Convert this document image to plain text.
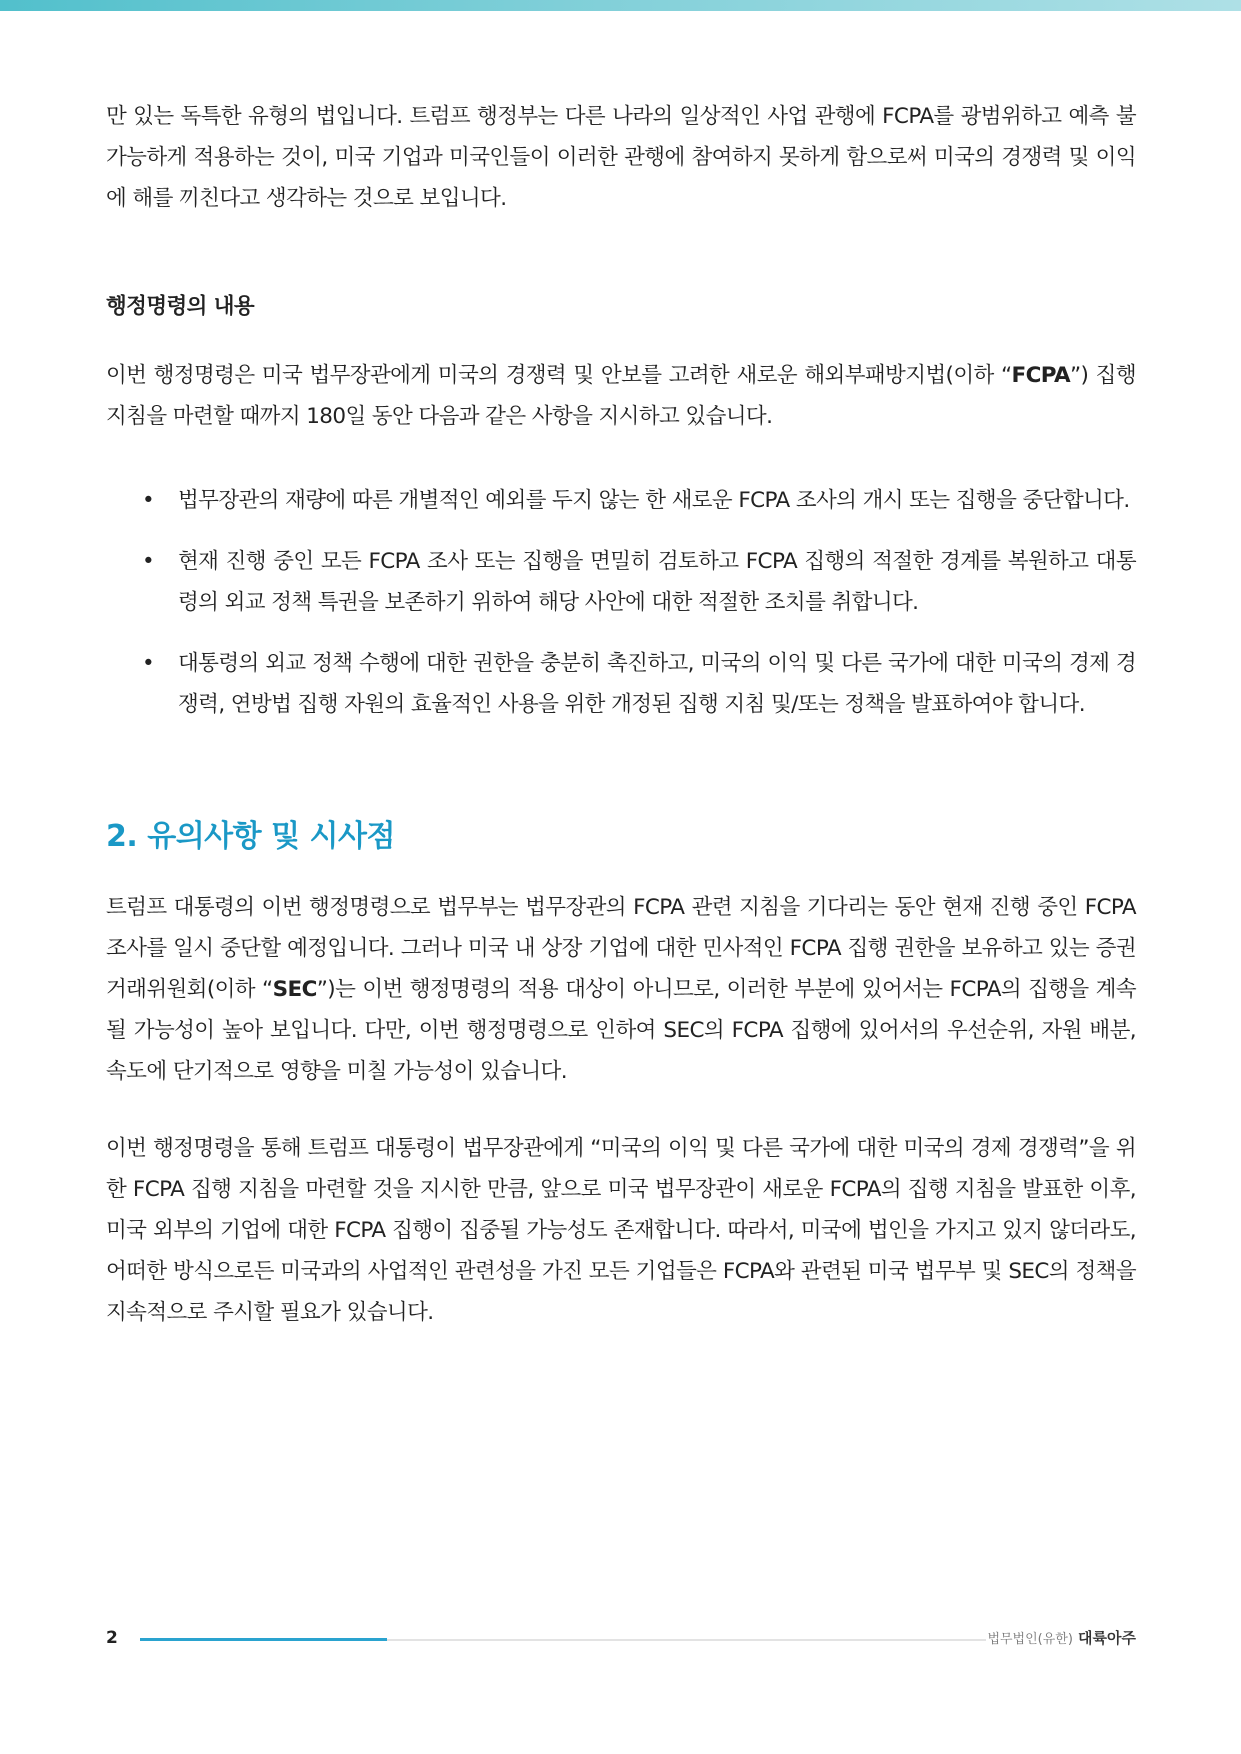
만 있는 독특한 유형의 법입니다. 트럼프 행정부는 다른 나라의 일상적인 사업 관행에 FCPA를 광범위하고 예측 불가능하게 적용하는 것이, 미국 기업과 미국인들이 이러한 관행에 참여하지 못하게 함으로써 미국의 경쟁력 및 이익에 해를 끼친다고 생각하는 것으로 보입니다.

행정명령의 내용

이번 행정명령은 미국 법무장관에게 미국의 경쟁력 및 안보를 고려한 새로운 해외부패방지법(이하 “FCPA”) 집행 지침을 마련할 때까지 180일 동안 다음과 같은 사항을 지시하고 있습니다.

• 법무장관의 재량에 따른 개별적인 예외를 두지 않는 한 새로운 FCPA 조사의 개시 또는 집행을 중단합니다.
• 현재 진행 중인 모든 FCPA 조사 또는 집행을 면밀히 검토하고 FCPA 집행의 적절한 경계를 복원하고 대통령의 외교 정책 특권을 보존하기 위하여 해당 사안에 대한 적절한 조치를 취합니다.
• 대통령의 외교 정책 수행에 대한 권한을 충분히 촉진하고, 미국의 이익 및 다른 국가에 대한 미국의 경제 경쟁력, 연방법 집행 자원의 효율적인 사용을 위한 개정된 집행 지침 및/또는 정책을 발표하여야 합니다.
2. 유의사항 및 시사점

트럼프 대통령의 이번 행정명령으로 법무부는 법무장관의 FCPA 관련 지침을 기다리는 동안 현재 진행 중인 FCPA 조사를 일시 중단할 예정입니다. 그러나 미국 내 상장 기업에 대한 민사적인 FCPA 집행 권한을 보유하고 있는 증권거래위원회(이하 “SEC”)는 이번 행정명령의 적용 대상이 아니므로, 이러한 부분에 있어서는 FCPA의 집행을 계속될 가능성이 높아 보입니다. 다만, 이번 행정명령으로 인하여 SEC의 FCPA 집행에 있어서의 우선순위, 자원 배분, 속도에 단기적으로 영향을 미칠 가능성이 있습니다.

이번 행정명령을 통해 트럼프 대통령이 법무장관에게 “미국의 이익 및 다른 국가에 대한 미국의 경제 경쟁력”을 위한 FCPA 집행 지침을 마련할 것을 지시한 만큼, 앞으로 미국 법무장관이 새로운 FCPA의 집행 지침을 발표한 이후, 미국 외부의 기업에 대한 FCPA 집행이 집중될 가능성도 존재합니다. 따라서, 미국에 법인을 가지고 있지 않더라도, 어떠한 방식으로든 미국과의 사업적인 관련성을 가진 모든 기업들은 FCPA와 관련된 미국 법무부 및 SEC의 정책을 지속적으로 주시할 필요가 있습니다.

2	법무법인(유한) 대륙아주
